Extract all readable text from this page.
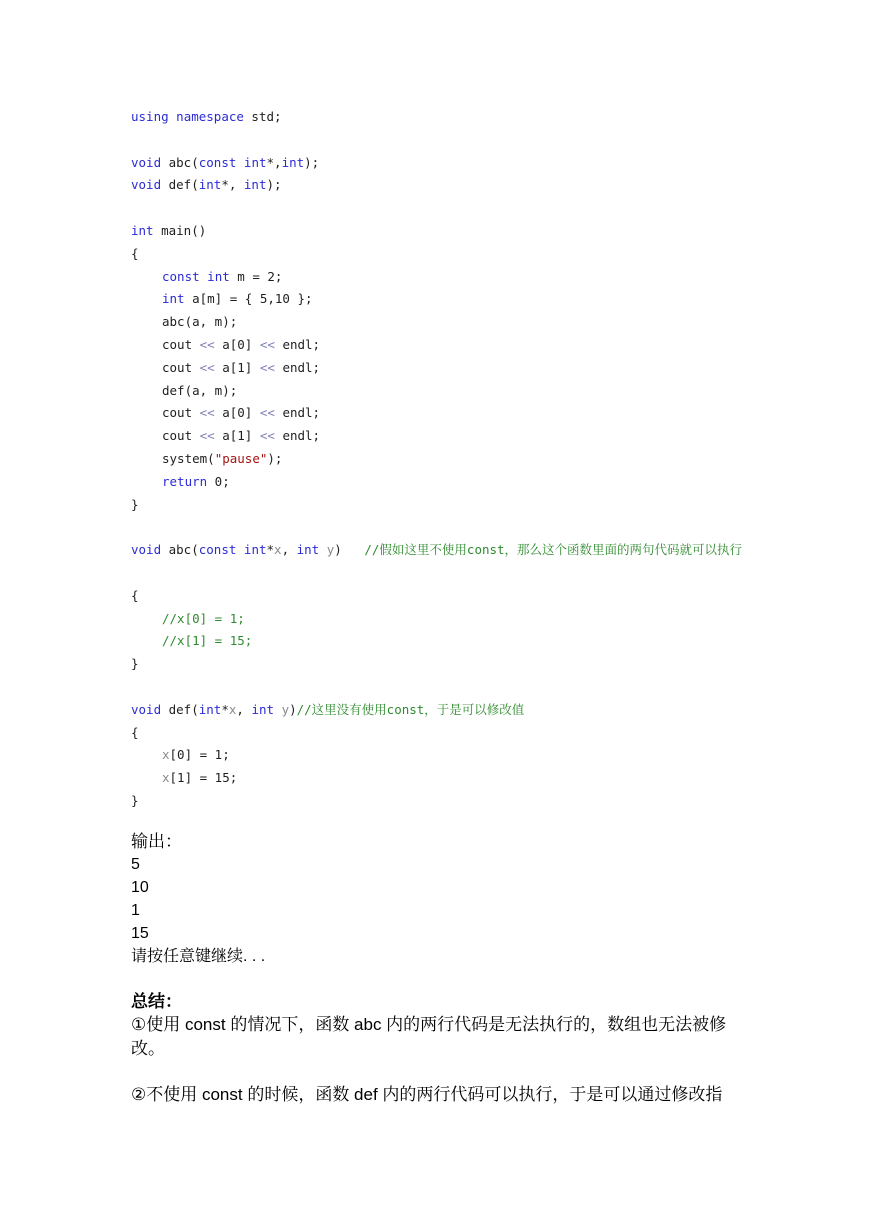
using namespace std;
void abc(const int*,int);
void def(int*, int);
int main()
{
const int m = 2;
int a[m] = { 5,10 };
abc(a, m);
cout << a[0] << endl;
cout << a[1] << endl;
def(a, m);
cout << a[0] << endl;
cout << a[1] << endl;
system("pause");
return 0;
}
void abc(const int*x, int y)   //假如这里不使用const，那么这个函数里面的两句代码就可以执行
{
//x[0] = 1;
//x[1] = 15;
}
void def(int*x, int y)//这里没有使用const，于是可以修改值
{
x[0] = 1;
x[1] = 15;
}
输出：
5
10
1
15
请按任意键继续. . .
总结：
①使用 const 的情况下，函数 abc 内的两行代码是无法执行的，数组也无法被修改。
②不使用 const 的时候，函数 def 内的两行代码可以执行，于是可以通过修改指
